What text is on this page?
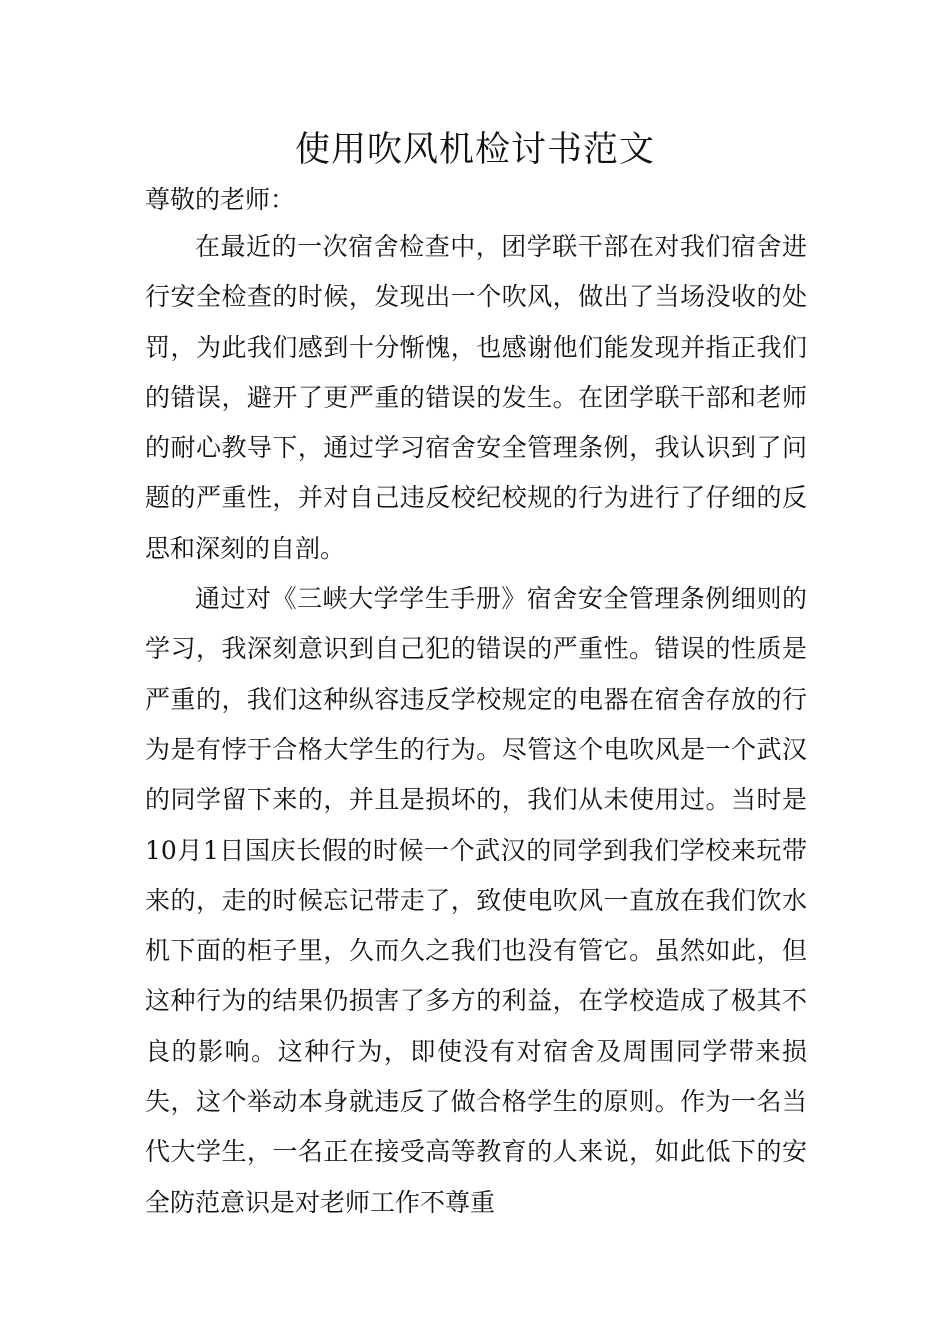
使用吹风机检讨书范文
尊敬的老师：

在最近的一次宿舍检查中，团学联干部在对我们宿舍进行安全检查的时候，发现出一个吹风，做出了当场没收的处罚，为此我们感到十分惭愧，也感谢他们能发现并指正我们的错误，避开了更严重的错误的发生。在团学联干部和老师的耐心教导下，通过学习宿舍安全管理条例，我认识到了问题的严重性，并对自己违反校纪校规的行为进行了仔细的反思和深刻的自剖。

通过对《三峡大学学生手册》宿舍安全管理条例细则的学习，我深刻意识到自己犯的错误的严重性。错误的性质是严重的，我们这种纵容违反学校规定的电器在宿舍存放的行为是有悖于合格大学生的行为。尽管这个电吹风是一个武汉的同学留下来的，并且是损坏的，我们从未使用过。当时是10月1日国庆长假的时候一个武汉的同学到我们学校来玩带来的，走的时候忘记带走了，致使电吹风一直放在我们饮水机下面的柜子里，久而久之我们也没有管它。虽然如此，但这种行为的结果仍损害了多方的利益，在学校造成了极其不良的影响。这种行为，即使没有对宿舍及周围同学带来损失，这个举动本身就违反了做合格学生的原则。作为一名当代大学生，一名正在接受高等教育的人来说，如此低下的安全防范意识是对老师工作不尊重
